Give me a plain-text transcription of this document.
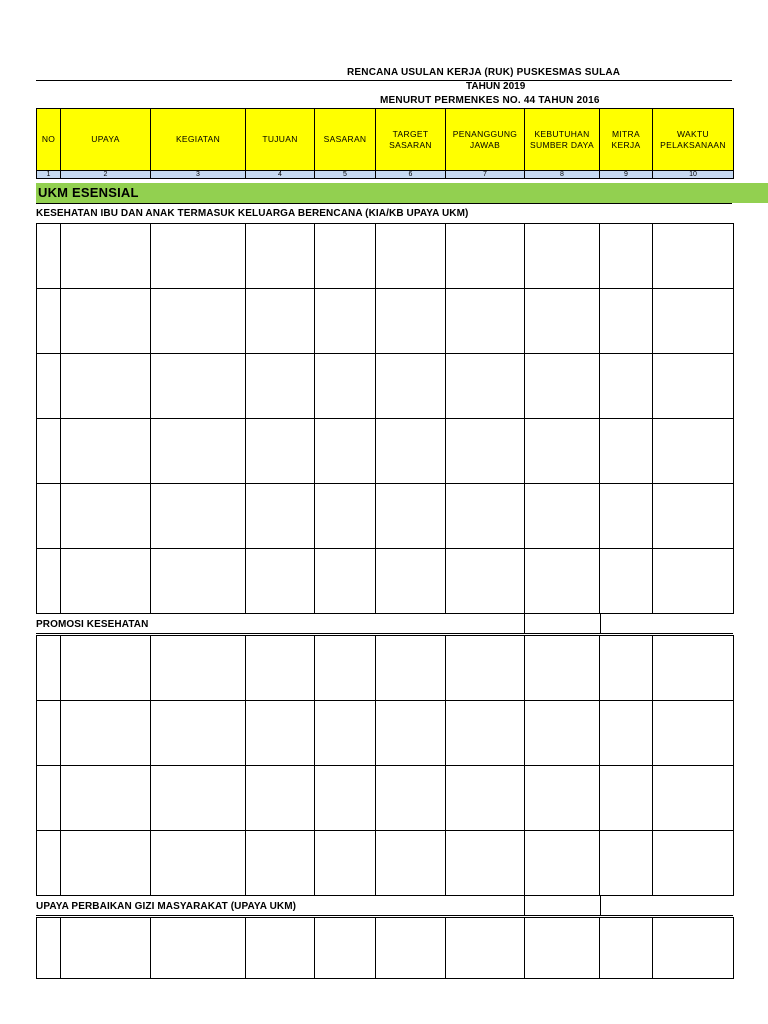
RENCANA USULAN KERJA (RUK) PUSKESMAS SULAA
TAHUN 2019
MENURUT PERMENKES NO. 44 TAHUN 2016
NO	UPAYA	KEGIATAN	TUJUAN	SASARAN	TARGET SASARAN	PENANGGUNG JAWAB	KEBUTUHAN SUMBER DAYA	MITRA KERJA	WAKTU PELAKSANAAN
1	2	3	4	5	6	7	8	9	10
UKM ESENSIAL
KESEHATAN IBU DAN ANAK TERMASUK KELUARGA BERENCANA (KIA/KB UPAYA UKM)

PROMOSI KESEHATAN

UPAYA PERBAIKAN GIZI MASYARAKAT (UPAYA UKM)
